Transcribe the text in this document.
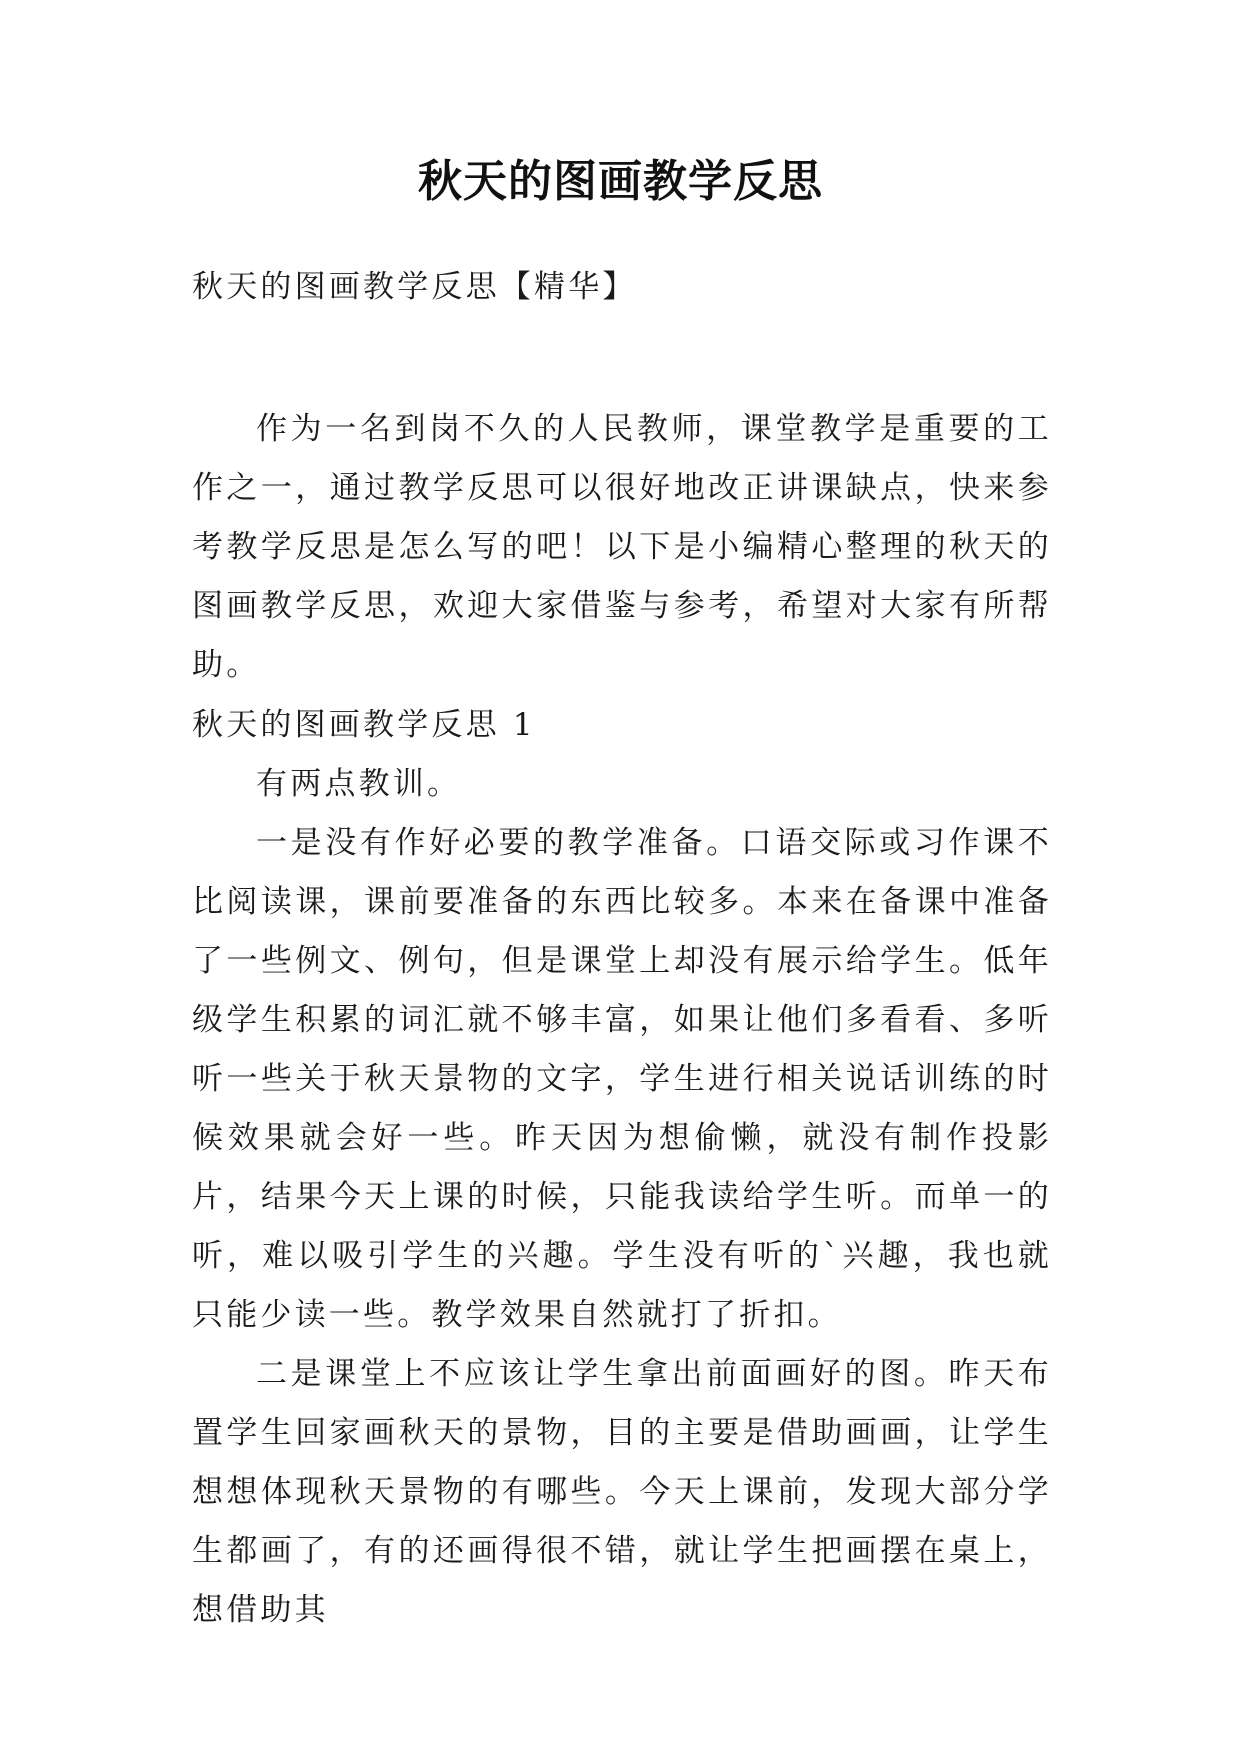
秋天的图画教学反思
秋天的图画教学反思【精华】
作为一名到岗不久的人民教师，课堂教学是重要的工作之一，通过教学反思可以很好地改正讲课缺点，快来参考教学反思是怎么写的吧！以下是小编精心整理的秋天的图画教学反思，欢迎大家借鉴与参考，希望对大家有所帮助。

秋天的图画教学反思 1

有两点教训。

一是没有作好必要的教学准备。口语交际或习作课不比阅读课，课前要准备的东西比较多。本来在备课中准备了一些例文、例句，但是课堂上却没有展示给学生。低年级学生积累的词汇就不够丰富，如果让他们多看看、多听听一些关于秋天景物的文字，学生进行相关说话训练的时候效果就会好一些。昨天因为想偷懒，就没有制作投影片，结果今天上课的时候，只能我读给学生听。而单一的听，难以吸引学生的兴趣。学生没有听的`兴趣，我也就只能少读一些。教学效果自然就打了折扣。

二是课堂上不应该让学生拿出前面画好的图。昨天布置学生回家画秋天的景物，目的主要是借助画画，让学生想想体现秋天景物的有哪些。今天上课前，发现大部分学生都画了，有的还画得很不错，就让学生把画摆在桌上，想借助其
